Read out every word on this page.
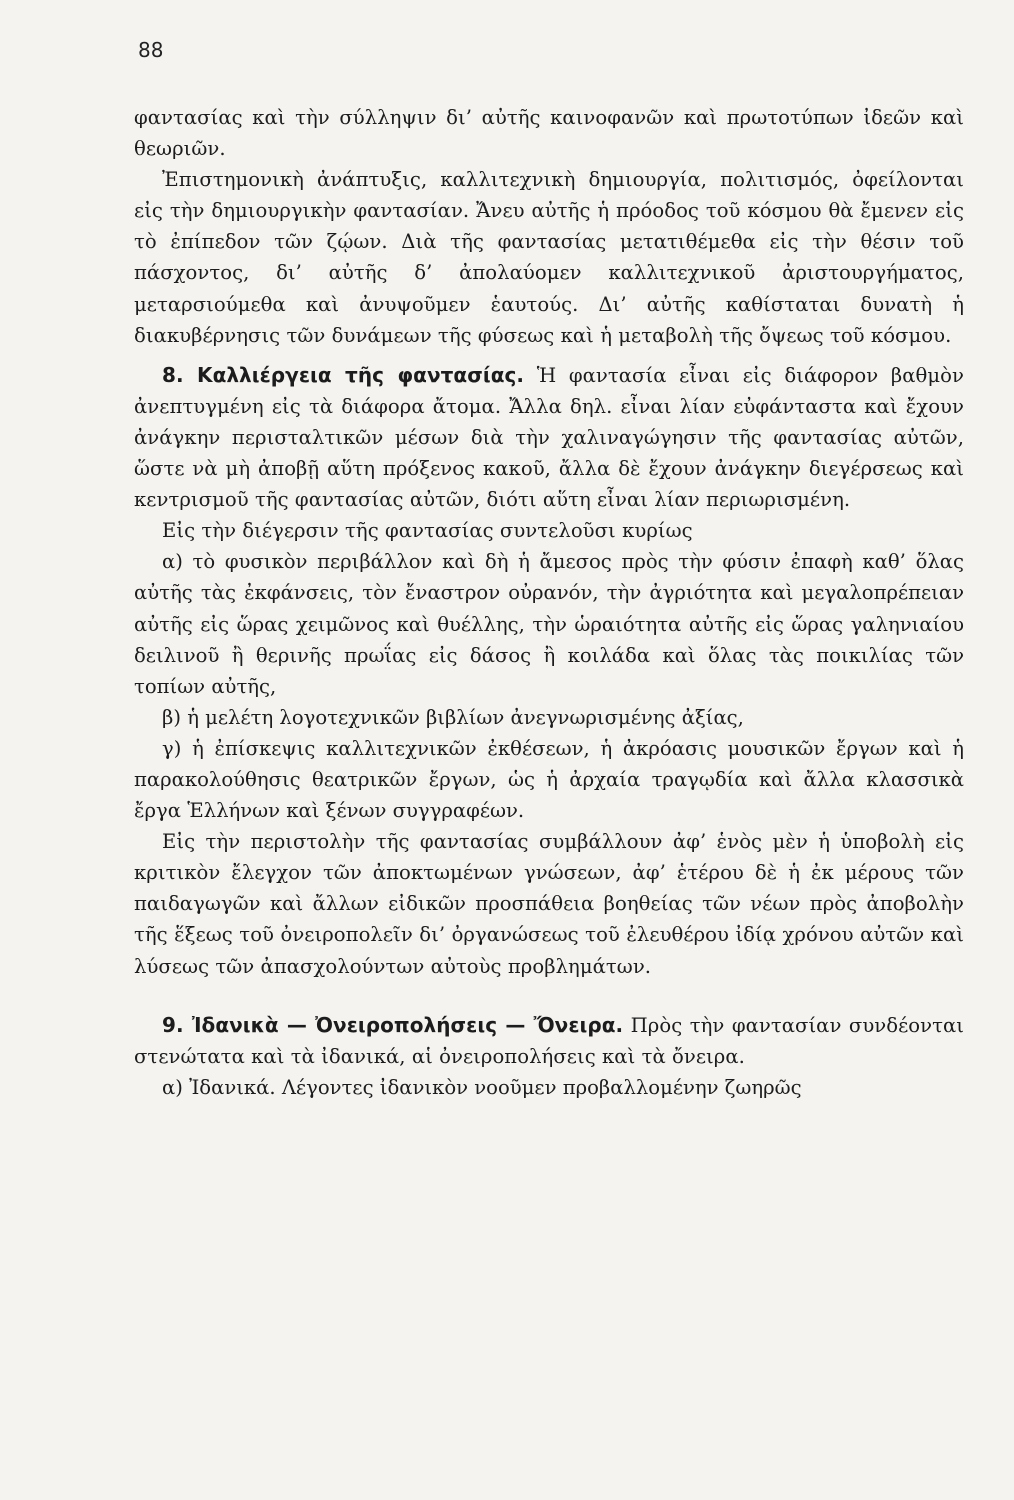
88

φαντασίας καὶ τὴν σύλληψιν δι’ αὐτῆς καινοφανῶν καὶ πρωτοτύπων ἰδεῶν καὶ θεωριῶν.

Ἐπιστημονικὴ ἀνάπτυξις, καλλιτεχνικὴ δημιουργία, πολιτισμός, ὀφείλονται εἰς τὴν δημιουργικὴν φαντασίαν. Ἄνευ αὐτῆς ἡ πρόοδος τοῦ κόσμου θὰ ἔμενεν εἰς τὸ ἐπίπεδον τῶν ζῴων. Διὰ τῆς φαντασίας μετατιθέμεθα εἰς τὴν θέσιν τοῦ πάσχοντος, δι’ αὐτῆς δ’ ἀπολαύομεν καλλιτεχνικοῦ ἀριστουργήματος, μεταρσιούμεθα καὶ ἀνυψοῦμεν ἑαυτούς. Δι’ αὐτῆς καθίσταται δυνατὴ ἡ διακυβέρνησις τῶν δυνάμεων τῆς φύσεως καὶ ἡ μεταβολὴ τῆς ὄψεως τοῦ κόσμου.

8. Καλλιέργεια τῆς φαντασίας. Ἡ φαντασία εἶναι εἰς διάφορον βαθμὸν ἀνεπτυγμένη εἰς τὰ διάφορα ἄτομα. Ἄλλα δηλ. εἶναι λίαν εὐφάνταστα καὶ ἔχουν ἀνάγκην περισταλτικῶν μέσων διὰ τὴν χαλιναγώγησιν τῆς φαντασίας αὐτῶν, ὥστε νὰ μὴ ἀποβῇ αὕτη πρόξενος κακοῦ, ἄλλα δὲ ἔχουν ἀνάγκην διεγέρσεως καὶ κεντρισμοῦ τῆς φαντασίας αὐτῶν, διότι αὕτη εἶναι λίαν περιωρισμένη.

Εἰς τὴν διέγερσιν τῆς φαντασίας συντελοῦσι κυρίως

α) τὸ φυσικὸν περιβάλλον καὶ δὴ ἡ ἄμεσος πρὸς τὴν φύσιν ἐπαφὴ καθ’ ὅλας αὐτῆς τὰς ἐκφάνσεις, τὸν ἔναστρον οὐρανόν, τὴν ἀγριότητα καὶ μεγαλοπρέπειαν αὐτῆς εἰς ὥρας χειμῶνος καὶ θυέλλης, τὴν ὡραιότητα αὐτῆς εἰς ὥρας γαληνιαίου δειλινοῦ ἢ θερινῆς πρωΐας εἰς δάσος ἢ κοιλάδα καὶ ὅλας τὰς ποικιλίας τῶν τοπίων αὐτῆς,

β) ἡ μελέτη λογοτεχνικῶν βιβλίων ἀνεγνωρισμένης ἀξίας,

γ) ἡ ἐπίσκεψις καλλιτεχνικῶν ἐκθέσεων, ἡ ἀκρόασις μουσικῶν ἔργων καὶ ἡ παρακολούθησις θεατρικῶν ἔργων, ὡς ἡ ἀρχαία τραγῳδία καὶ ἄλλα κλασσικὰ ἔργα Ἑλλήνων καὶ ξένων συγγραφέων.

Εἰς τὴν περιστολὴν τῆς φαντασίας συμβάλλουν ἀφ’ ἑνὸς μὲν ἡ ὑποβολὴ εἰς κριτικὸν ἔλεγχον τῶν ἀποκτωμένων γνώσεων, ἀφ’ ἑτέρου δὲ ἡ ἐκ μέρους τῶν παιδαγωγῶν καὶ ἄλλων εἰδικῶν προσπάθεια βοηθείας τῶν νέων πρὸς ἀποβολὴν τῆς ἕξεως τοῦ ὀνειροπολεῖν δι’ ὀργανώσεως τοῦ ἐλευθέρου ἰδίᾳ χρόνου αὐτῶν καὶ λύσεως τῶν ἀπασχολούντων αὐτοὺς προβλημάτων.

9. Ἰδανικὰ — Ὀνειροπολήσεις — Ὄνειρα. Πρὸς τὴν φαντασίαν συνδέονται στενώτατα καὶ τὰ ἰδανικά, αἱ ὀνειροπολήσεις καὶ τὰ ὄνειρα.

α) Ἰδανικά. Λέγοντες ἰδανικὸν νοοῦμεν προβαλλομένην ζωηρῶς
